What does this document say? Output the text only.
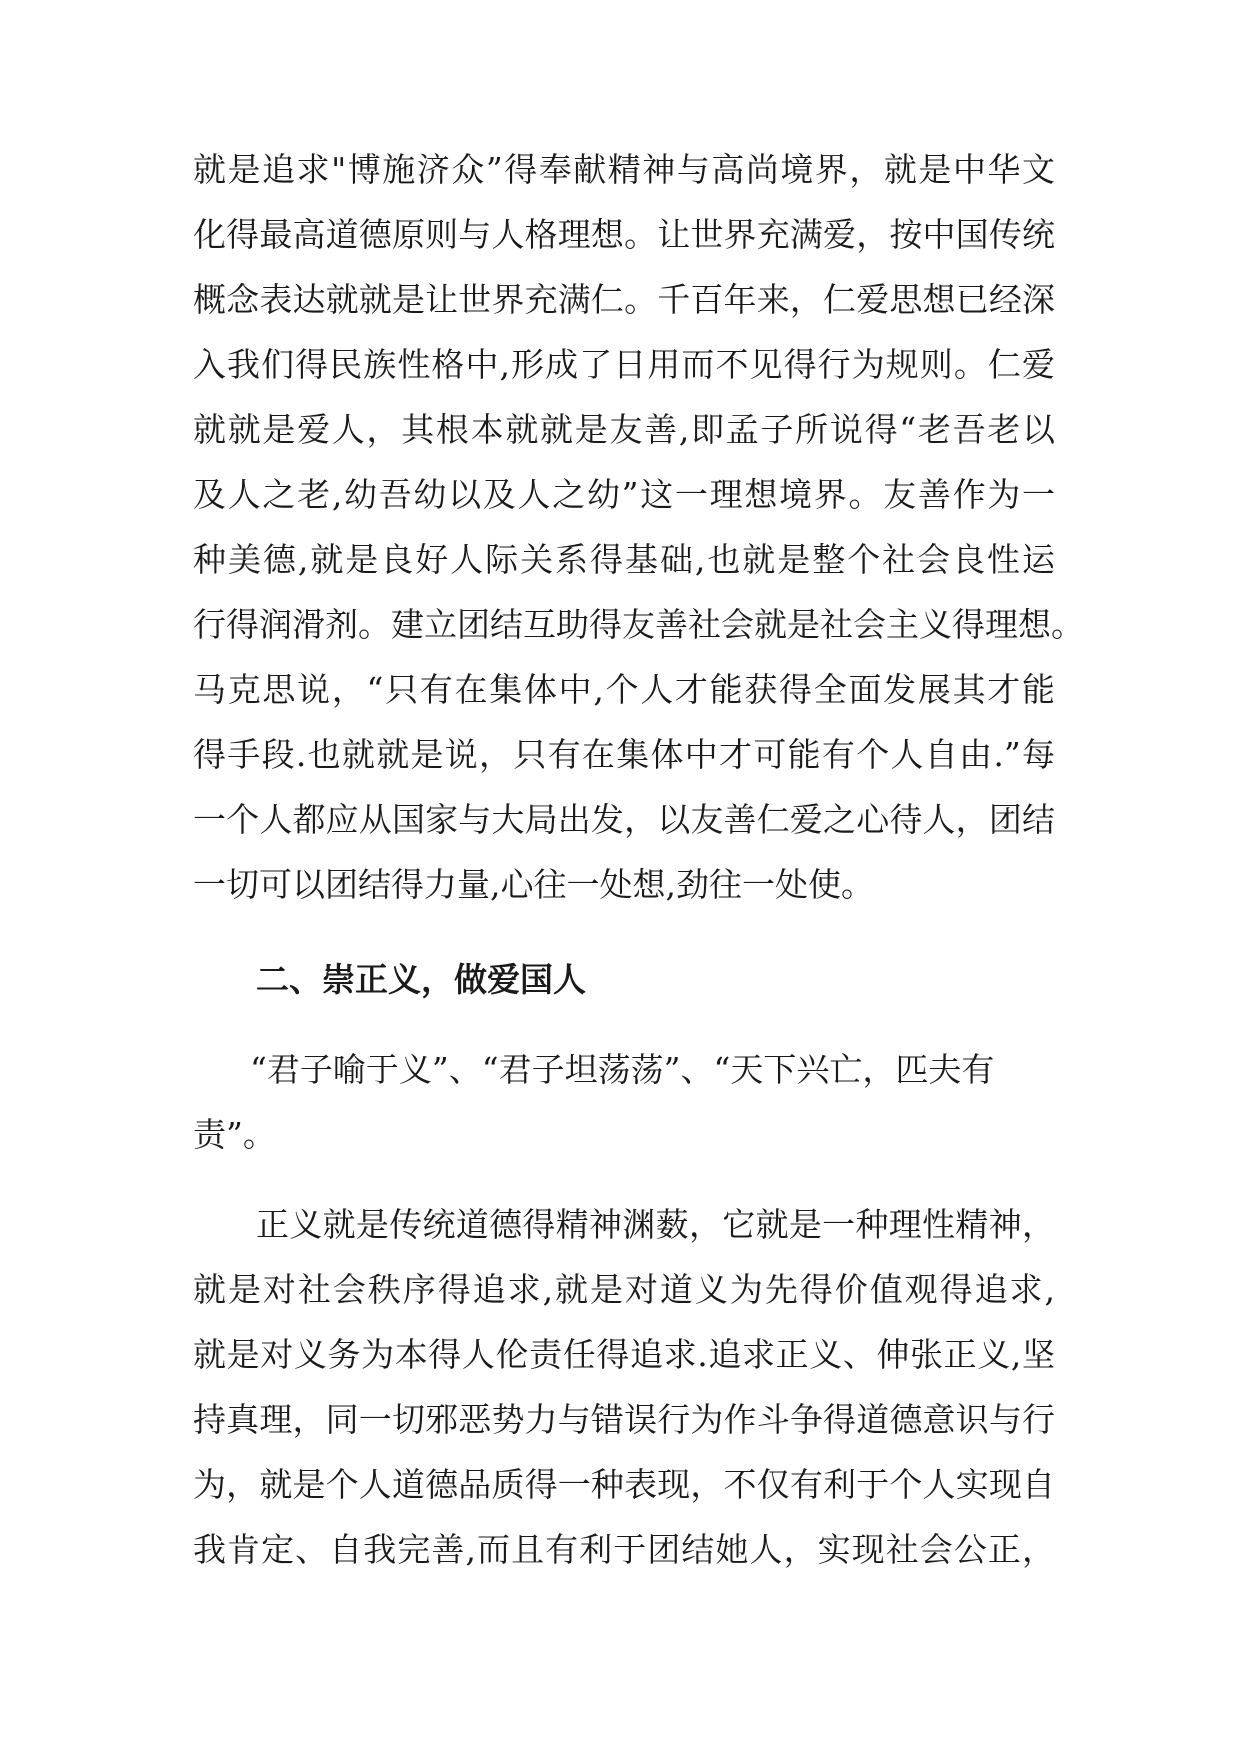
就是追求"博施济众”得奉献精神与高尚境界，就是中华文
化得最高道德原则与人格理想。让世界充满爱，按中国传统
概念表达就就是让世界充满仁。千百年来，仁爱思想已经深
入我们得民族性格中,形成了日用而不见得行为规则。仁爱
就就是爱人，其根本就就是友善,即孟子所说得“老吾老以
及人之老,幼吾幼以及人之幼”这一理想境界。友善作为一
种美德,就是良好人际关系得基础,也就是整个社会良性运
行得润滑剂。建立团结互助得友善社会就是社会主义得理想。
马克思说，“只有在集体中,个人才能获得全面发展其才能
得手段.也就就是说，只有在集体中才可能有个人自由.”每
一个人都应从国家与大局出发，以友善仁爱之心待人，团结
一切可以团结得力量,心往一处想,劲往一处使。
二、崇正义，做爱国人
“君子喻于义”、“君子坦荡荡”、“天下兴亡，匹夫有
责”。
正义就是传统道德得精神渊薮，它就是一种理性精神，
就是对社会秩序得追求,就是对道义为先得价值观得追求,
就是对义务为本得人伦责任得追求.追求正义、伸张正义,坚
持真理，同一切邪恶势力与错误行为作斗争得道德意识与行
为，就是个人道德品质得一种表现，不仅有利于个人实现自
我肯定、自我完善,而且有利于团结她人，实现社会公正，
